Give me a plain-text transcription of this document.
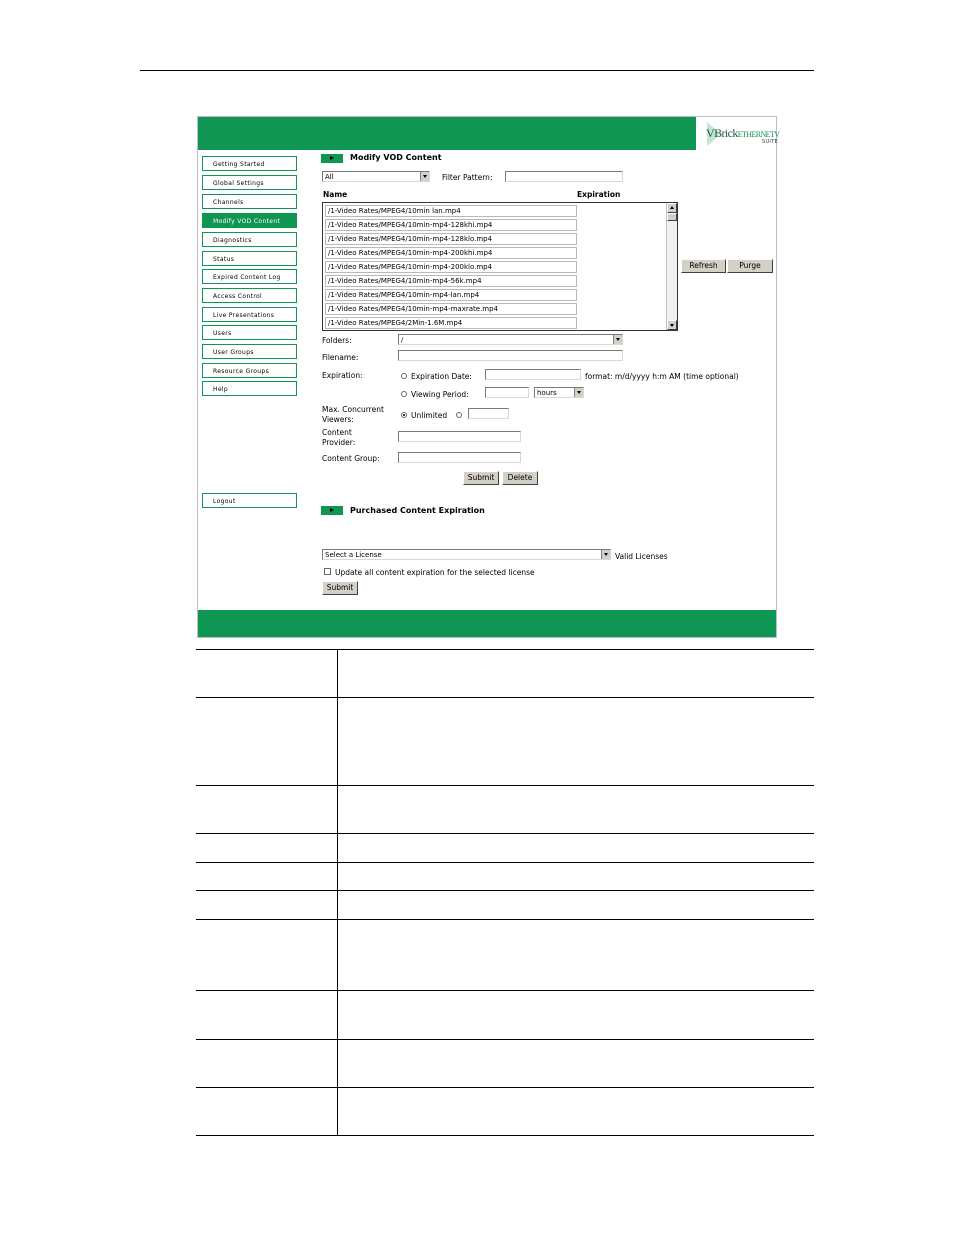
VBrickETHERNETV
SUITE
Getting Started
Global Settings
Channels
Modify VOD Content
Diagnostics
Status
Expired Content Log
Access Control
Live Presentations
Users
User Groups
Resource Groups
Help
Logout
Modify VOD Content
All	Filter Pattern:
Name	Expiration
/1-Video Rates/MPEG4/10min lan.mp4
/1-Video Rates/MPEG4/10min-mp4-128khi.mp4
/1-Video Rates/MPEG4/10min-mp4-128klo.mp4
/1-Video Rates/MPEG4/10min-mp4-200khi.mp4
/1-Video Rates/MPEG4/10min-mp4-200klo.mp4
/1-Video Rates/MPEG4/10min-mp4-56k.mp4
/1-Video Rates/MPEG4/10min-mp4-lan.mp4
/1-Video Rates/MPEG4/10min-mp4-maxrate.mp4
/1-Video Rates/MPEG4/2Min-1.6M.mp4
Refresh	Purge
Folders:	/
Filename:
Expiration:	Expiration Date:	format: m/d/yyyy h:m AM (time optional)
Viewing Period:	hours
Max. Concurrent
Viewers:	Unlimited
Content
Provider:
Content Group:
Submit	Delete
Purchased Content Expiration
Select a License	Valid Licenses
Update all content expiration for the selected license
Submit
